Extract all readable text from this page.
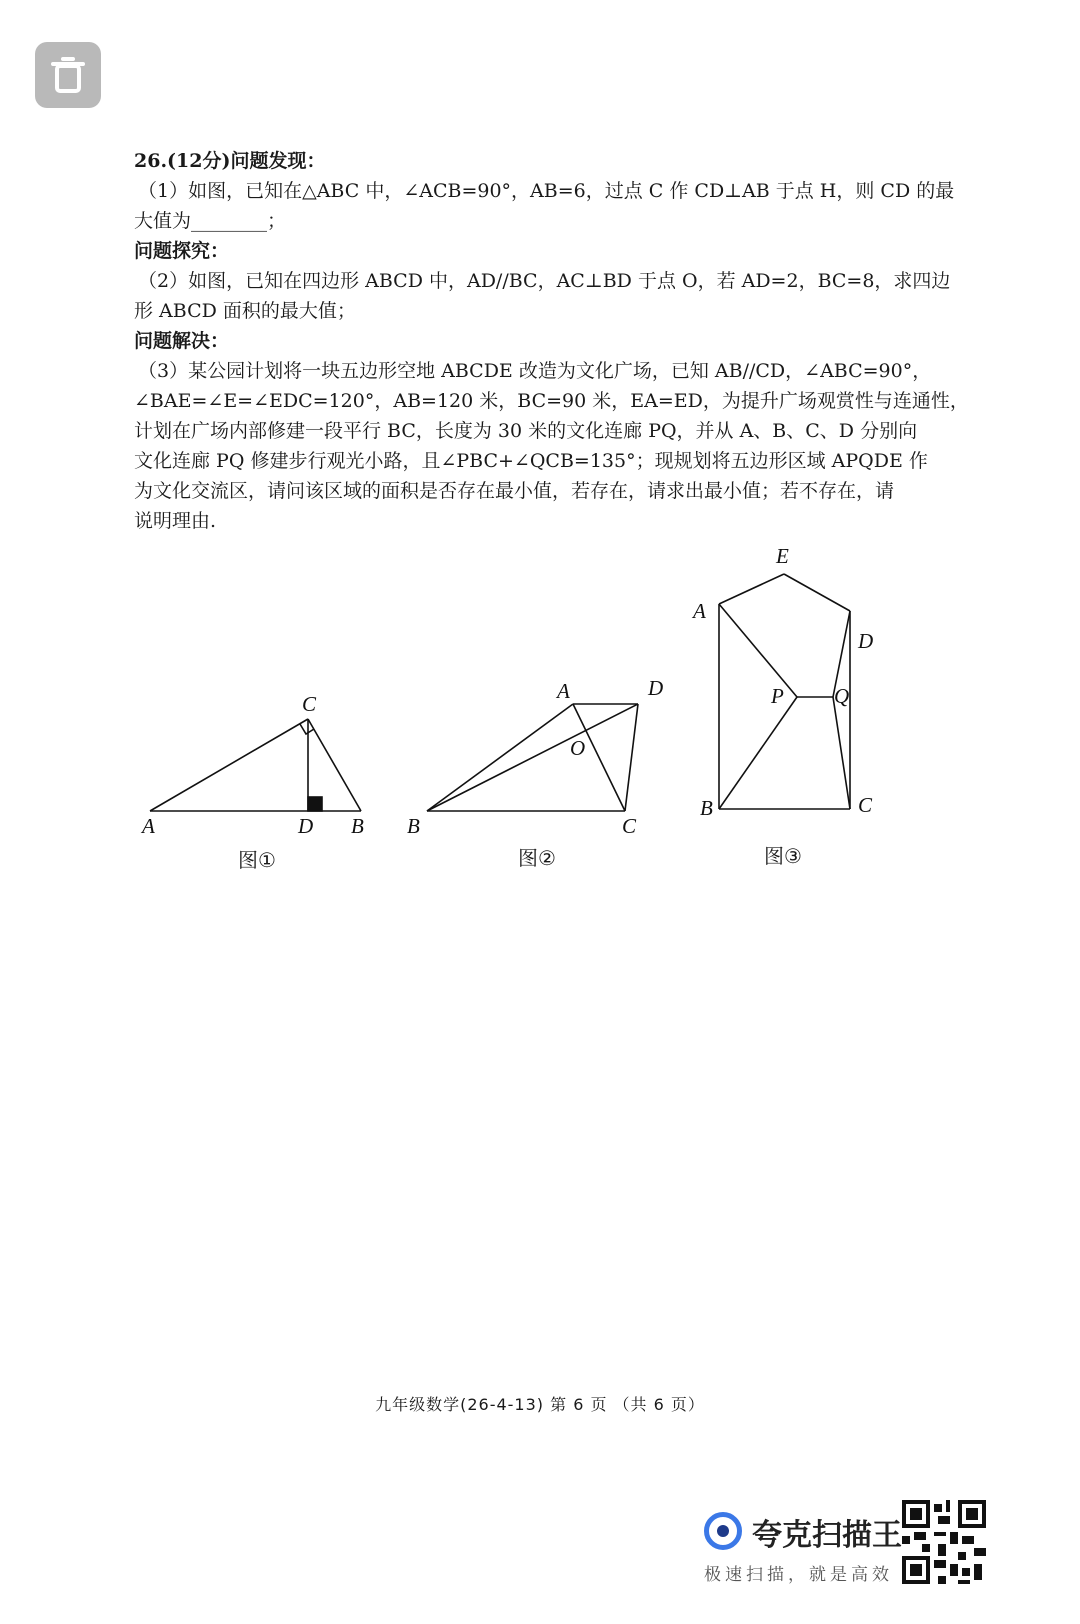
26.(12分)问题发现：
（1）如图，已知在△ABC 中，∠ACB=90°，AB=6，过点 C 作 CD⊥AB 于点 H，则 CD 的最
大值为________；
问题探究：
（2）如图，已知在四边形 ABCD 中，AD//BC，AC⊥BD 于点 O，若 AD=2，BC=8，求四边
形 ABCD 面积的最大值；
问题解决：
（3）某公园计划将一块五边形空地 ABCDE 改造为文化广场，已知 AB//CD，∠ABC=90°，
∠BAE=∠E=∠EDC=120°，AB=120 米，BC=90 米，EA=ED，为提升广场观赏性与连通性，
计划在广场内部修建一段平行 BC，长度为 30 米的文化连廊 PQ，并从 A、B、C、D 分别向
文化连廊 PQ 修建步行观光小路，且∠PBC+∠QCB=135°；现规划将五边形区域 APQDE 作
为文化交流区，请问该区域的面积是否存在最小值，若存在，请求出最小值；若不存在，请
说明理由.
A	B
C
D
A
B	C
D
O
A
B	C
D
E
P Q
图①	图②	图③
九年级数学(26-4-13) 第 6 页 （共 6 页）
夸克扫描王
极速扫描，就是高效
